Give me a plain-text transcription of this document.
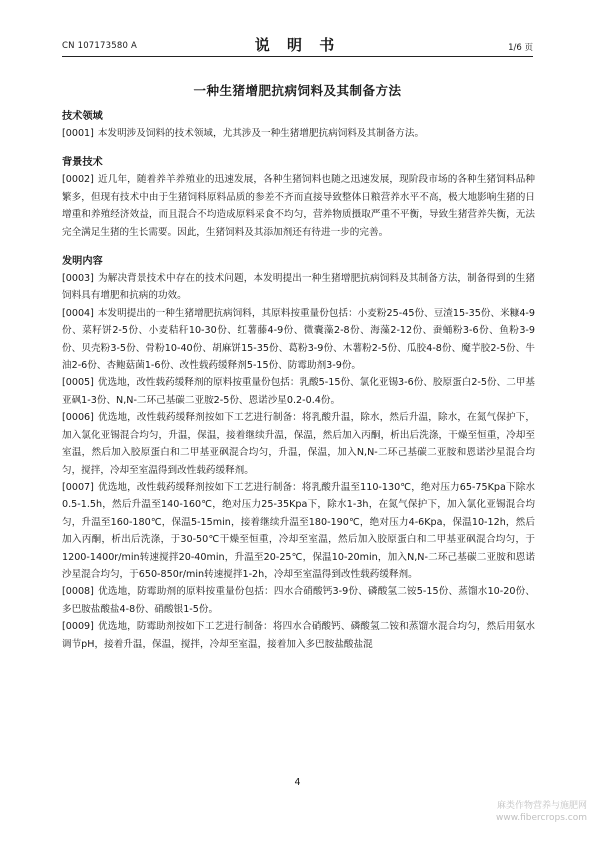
CN 107173580 A	说 明 书	1/6 页
一种生猪增肥抗病饲料及其制备方法
技术领域

[0001] 本发明涉及饲料的技术领域，尤其涉及一种生猪增肥抗病饲料及其制备方法。

背景技术

[0002] 近几年，随着养羊养殖业的迅速发展，各种生猪饲料也随之迅速发展，现阶段市场的各种生猪饲料品种繁多，但现有技术中由于生猪饲料原料品质的参差不齐而直接导致整体日粮营养水平不高，极大地影响生猪的日增重和养殖经济效益，而且混合不均造成原料采食不均匀，营养物质摄取严重不平衡，导致生猪营养失衡，无法完全满足生猪的生长需要。因此，生猪饲料及其添加剂还有待进一步的完善。

发明内容

[0003] 为解决背景技术中存在的技术问题，本发明提出一种生猪增肥抗病饲料及其制备方法，制备得到的生猪饲料具有增肥和抗病的功效。

[0004] 本发明提出的一种生猪增肥抗病饲料，其原料按重量份包括：小麦粉25-45份、豆渣15-35份、米糠4-9份、菜籽饼2-5份、小麦秸秆10-30份、红薯藤4-9份、微囊藻2-8份、海藻2-12份、蚕蛹粉3-6份、鱼粉3-9份、贝壳粉3-5份、骨粉10-40份、胡麻饼15-35份、葛粉3-9份、木薯粉2-5份、瓜胶4-8份、魔芋胶2-5份、牛油2-6份、杏鲍菇菌1-6份、改性载药缓释剂5-15份、防霉助剂3-9份。

[0005] 优选地，改性载药缓释剂的原料按重量份包括：乳酸5-15份、氯化亚锡3-6份、胶原蛋白2-5份、二甲基亚砜1-3份、N,N-二环己基碳二亚胺2-5份、恩诺沙星0.2-0.4份。

[0006] 优选地，改性载药缓释剂按如下工艺进行制备：将乳酸升温，除水，然后升温，除水，在氮气保护下，加入氯化亚锡混合均匀，升温，保温，接着继续升温，保温，然后加入丙酮，析出后洗涤，干燥至恒重，冷却至室温，然后加入胶原蛋白和二甲基亚砜混合均匀，升温，保温，加入N,N-二环己基碳二亚胺和恩诺沙星混合均匀，搅拌，冷却至室温得到改性载药缓释剂。

[0007] 优选地，改性载药缓释剂按如下工艺进行制备：将乳酸升温至110-130℃，绝对压力65-75Kpa下除水0.5-1.5h，然后升温至140-160℃，绝对压力25-35Kpa下，除水1-3h，在氮气保护下，加入氯化亚锡混合均匀，升温至160-180℃，保温5-15min，接着继续升温至180-190℃，绝对压力4-6Kpa，保温10-12h，然后加入丙酮，析出后洗涤，于30-50℃干燥至恒重，冷却至室温，然后加入胶原蛋白和二甲基亚砜混合均匀，于1200-1400r/min转速搅拌20-40min，升温至20-25℃，保温10-20min，加入N,N-二环己基碳二亚胺和恩诺沙星混合均匀，于650-850r/min转速搅拌1-2h，冷却至室温得到改性载药缓释剂。

[0008] 优选地，防霉助剂的原料按重量份包括：四水合硝酸钙3-9份、磷酸氢二铵5-15份、蒸馏水10-20份、多巴胺盐酸盐4-8份、硝酸银1-5份。

[0009] 优选地，防霉助剂按如下工艺进行制备：将四水合硝酸钙、磷酸氢二铵和蒸馏水混合均匀，然后用氨水调节pH，接着升温，保温，搅拌，冷却至室温，接着加入多巴胺盐酸盐混

4
麻类作物营养与施肥网
www.fibercrops.com
